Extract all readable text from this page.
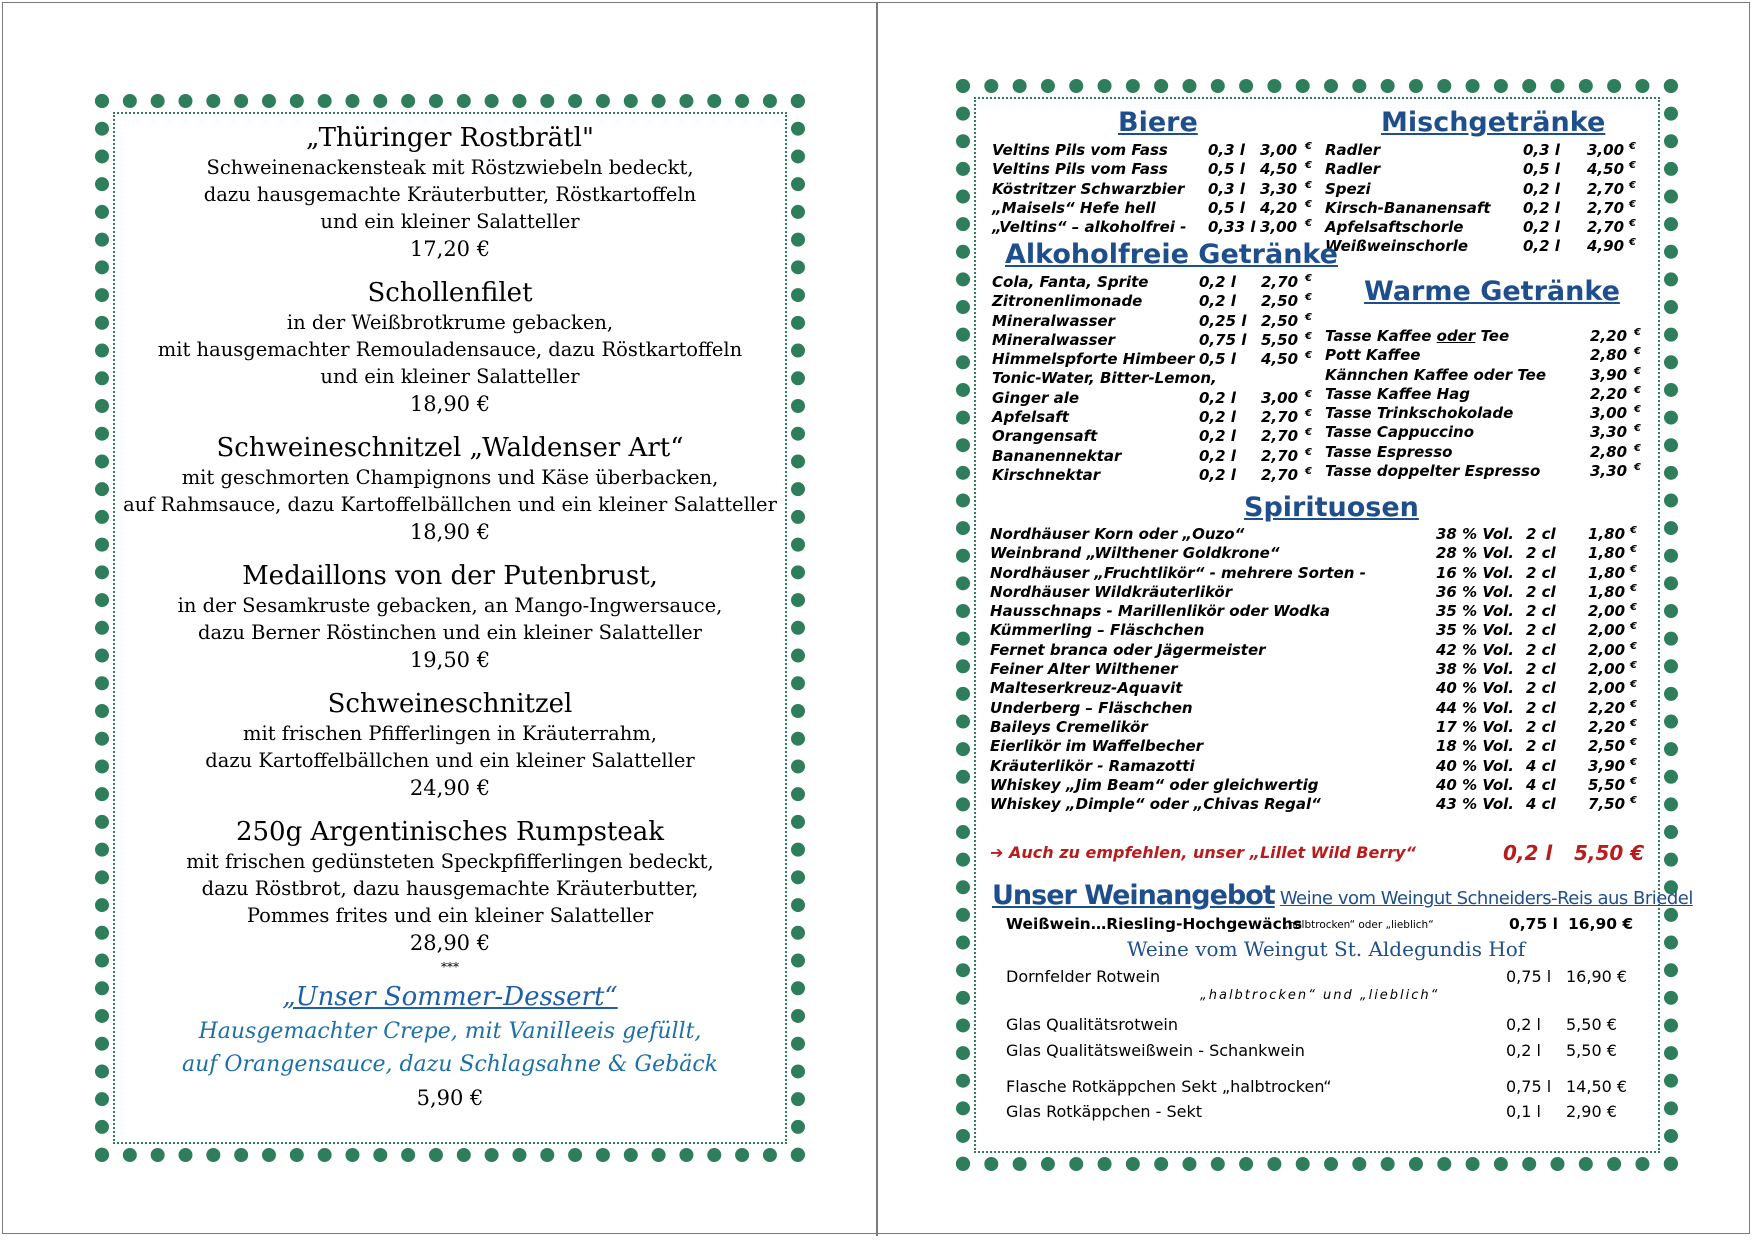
„Thüringer Rostbrätl"
Schweinenackensteak mit Röstzwiebeln bedeckt,
dazu hausgemachte Kräuterbutter, Röstkartoffeln
und ein kleiner Salatteller
17,20 €
Schollenfilet
in der Weißbrotkrume gebacken,
mit hausgemachter Remouladensauce, dazu Röstkartoffeln
und ein kleiner Salatteller
18,90 €
Schweineschnitzel „Waldenser Art“
mit geschmorten Champignons und Käse überbacken,
auf Rahmsauce, dazu Kartoffelbällchen und ein kleiner Salatteller
18,90 €
Medaillons von der Putenbrust,
in der Sesamkruste gebacken, an Mango-Ingwersauce,
dazu Berner Röstinchen und ein kleiner Salatteller
19,50 €
Schweineschnitzel
mit frischen Pfifferlingen in Kräuterrahm,
dazu Kartoffelbällchen und ein kleiner Salatteller
24,90 €
250g Argentinisches Rumpsteak
mit frischen gedünsteten Speckpfifferlingen bedeckt,
dazu Röstbrot, dazu hausgemachte Kräuterbutter,
Pommes frites und ein kleiner Salatteller
28,90 €
***
„Unser Sommer-Dessert“
Hausgemachter Crepe, mit Vanilleeis gefüllt,
auf Orangensauce, dazu Schlagsahne & Gebäck
5,90 €
Biere
Veltins Pils vom Fass	0,3 l 3,00 €
Veltins Pils vom Fass	0,5 l 4,50 €
Köstritzer Schwarzbier 0,3 l 3,30 €
„Maisels“ Hefe hell	0,5 l 4,20 €
„Veltins“ – alkoholfrei - 0,33 l 3,00 €
Mischgetränke
Radler	0,3 l 3,00 €
Radler	0,5 l 4,50 €
Spezi	0,2 l 2,70 €
Kirsch-Bananensaft 0,2 l 2,70 €
Apfelsaftschorle	0,2 l 2,70 €
Weißweinschorle	0,2 l 4,90 €
Alkoholfreie Getränke
Cola, Fanta, Sprite	0,2 l 2,70 €
Zitronenlimonade	0,2 l 2,50 €
Mineralwasser	0,25 l 2,50 €
Mineralwasser	0,75 l 5,50 €
Himmelspforte Himbeer 0,5 l 4,50 €
Tonic-Water, Bitter-Lemon,
Ginger ale	0,2 l 3,00 €
Apfelsaft	0,2 l 2,70 €
Orangensaft	0,2 l 2,70 €
Bananennektar	0,2 l 2,70 €
Kirschnektar	0,2 l 2,70 €
Warme Getränke
Tasse Kaffee oder Tee	2,20 €
Pott Kaffee	2,80 €
Kännchen Kaffee oder Tee	3,90 €
Tasse Kaffee Hag	2,20 €
Tasse Trinkschokolade	3,00 €
Tasse Cappuccino	3,30 €
Tasse Espresso	2,80 €
Tasse doppelter Espresso	3,30 €
Spirituosen
Nordhäuser Korn oder „Ouzo“	38 % Vol. 2 cl 1,80 €
Weinbrand „Wilthener Goldkrone“	28 % Vol. 2 cl 1,80 €
Nordhäuser „Fruchtlikör“ - mehrere Sorten -	16 % Vol. 2 cl 1,80 €
Nordhäuser Wildkräuterlikör	36 % Vol. 2 cl 1,80 €
Hausschnaps - Marillenlikör oder Wodka	35 % Vol. 2 cl 2,00 €
Kümmerling – Fläschchen	35 % Vol. 2 cl 2,00 €
Fernet branca oder Jägermeister	42 % Vol. 2 cl 2,00 €
Feiner Alter Wilthener	38 % Vol. 2 cl 2,00 €
Malteserkreuz-Aquavit	40 % Vol. 2 cl 2,00 €
Underberg – Fläschchen	44 % Vol. 2 cl 2,20 €
Baileys Cremelikör	17 % Vol. 2 cl 2,20 €
Eierlikör im Waffelbecher	18 % Vol. 2 cl 2,50 €
Kräuterlikör - Ramazotti	40 % Vol. 4 cl 3,90 €
Whiskey „Jim Beam“ oder gleichwertig	40 % Vol. 4 cl 5,50 €
Whiskey „Dimple“ oder „Chivas Regal“	43 % Vol. 4 cl 7,50 €
➔ Auch zu empfehlen, unser „Lillet Wild Berry“	0,2 l 5,50 €
Unser Weinangebot Weine vom Weingut Schneiders-Reis aus Briedel
Weißwein…Riesling-Hochgewächs
„halbtrocken“ oder „lieblich“	0,75 l 16,90 €
Weine vom Weingut St. Aldegundis Hof
Dornfelder Rotwein	0,75 l 16,90 €
Glas Qualitätsrotwein	0,2 l 5,50 €
Glas Qualitätsweißwein - Schankwein	0,2 l 5,50 €
Flasche Rotkäppchen Sekt „halbtrocken“	0,75 l 14,50 €
Glas Rotkäppchen - Sekt	0,1 l 2,90 €
„halbtrocken“ und „lieblich“
